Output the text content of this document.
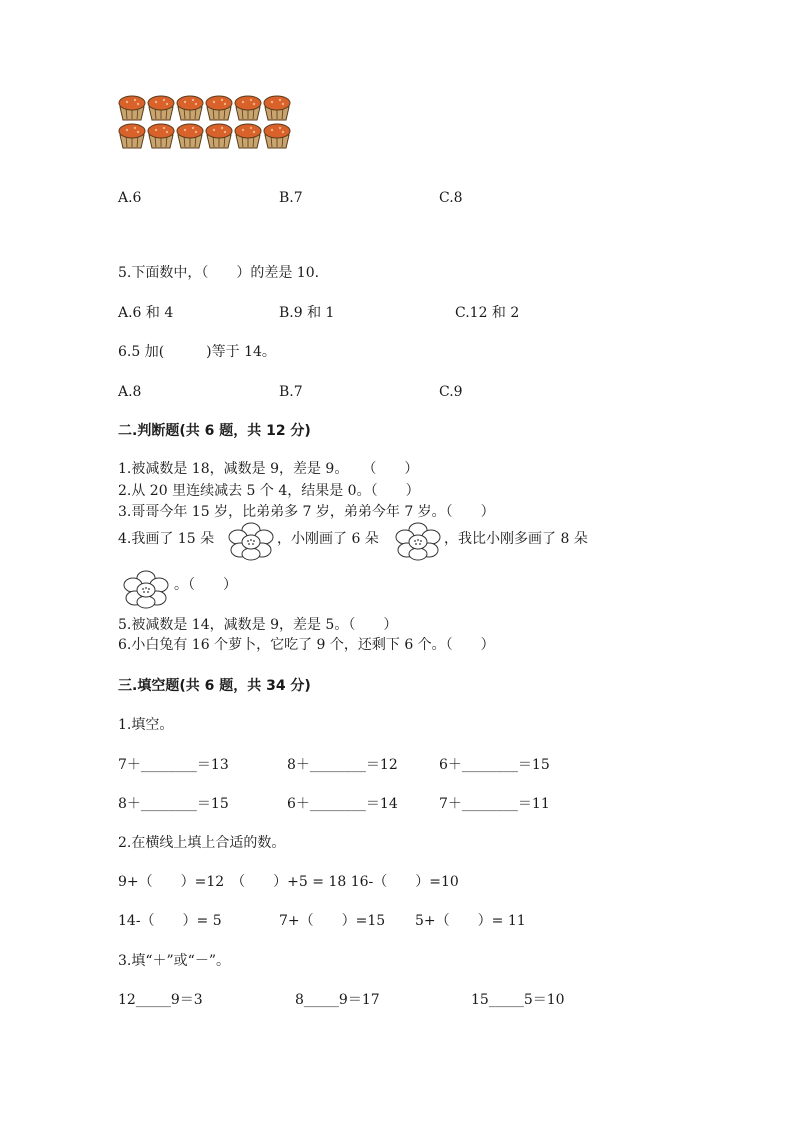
A.6	B.7	C.8
5.下面数中，（　　）的差是 10.
A.6 和 4	B.9 和 1	C.12 和 2
6.5 加(　　　)等于 14。
A.8	B.7	C.9
二.判断题(共 6 题，共 12 分)
1.被减数是 18，减数是 9，差是 9。　　（　　）
2.从 20 里连续减去 5 个 4，结果是 0。（　　）
3.哥哥今年 15 岁，比弟弟多 7 岁，弟弟今年 7 岁。（　　）
4.我画了 15 朵	，小刚画了 6 朵	，我比小刚多画了 8 朵
。（　　）
5.被减数是 14，减数是 9，差是 5。（　　）
6.小白兔有 16 个萝卜，它吃了 9 个，还剩下 6 个。（　　）
三.填空题(共 6 题，共 34 分)
1.填空。
7＋________＝13	8＋________＝12	6＋________＝15
8＋________＝15	6＋________＝14	7＋________＝11
2.在横线上填上合适的数。
9+（　　）=12　（　　）+5 = 18 16-（　　）=10
14-（　　）= 5	7+（　　）=15 5+（　　）= 11
3.填“＋”或“－”。
12_____9＝3	8_____9＝17	15_____5＝10
